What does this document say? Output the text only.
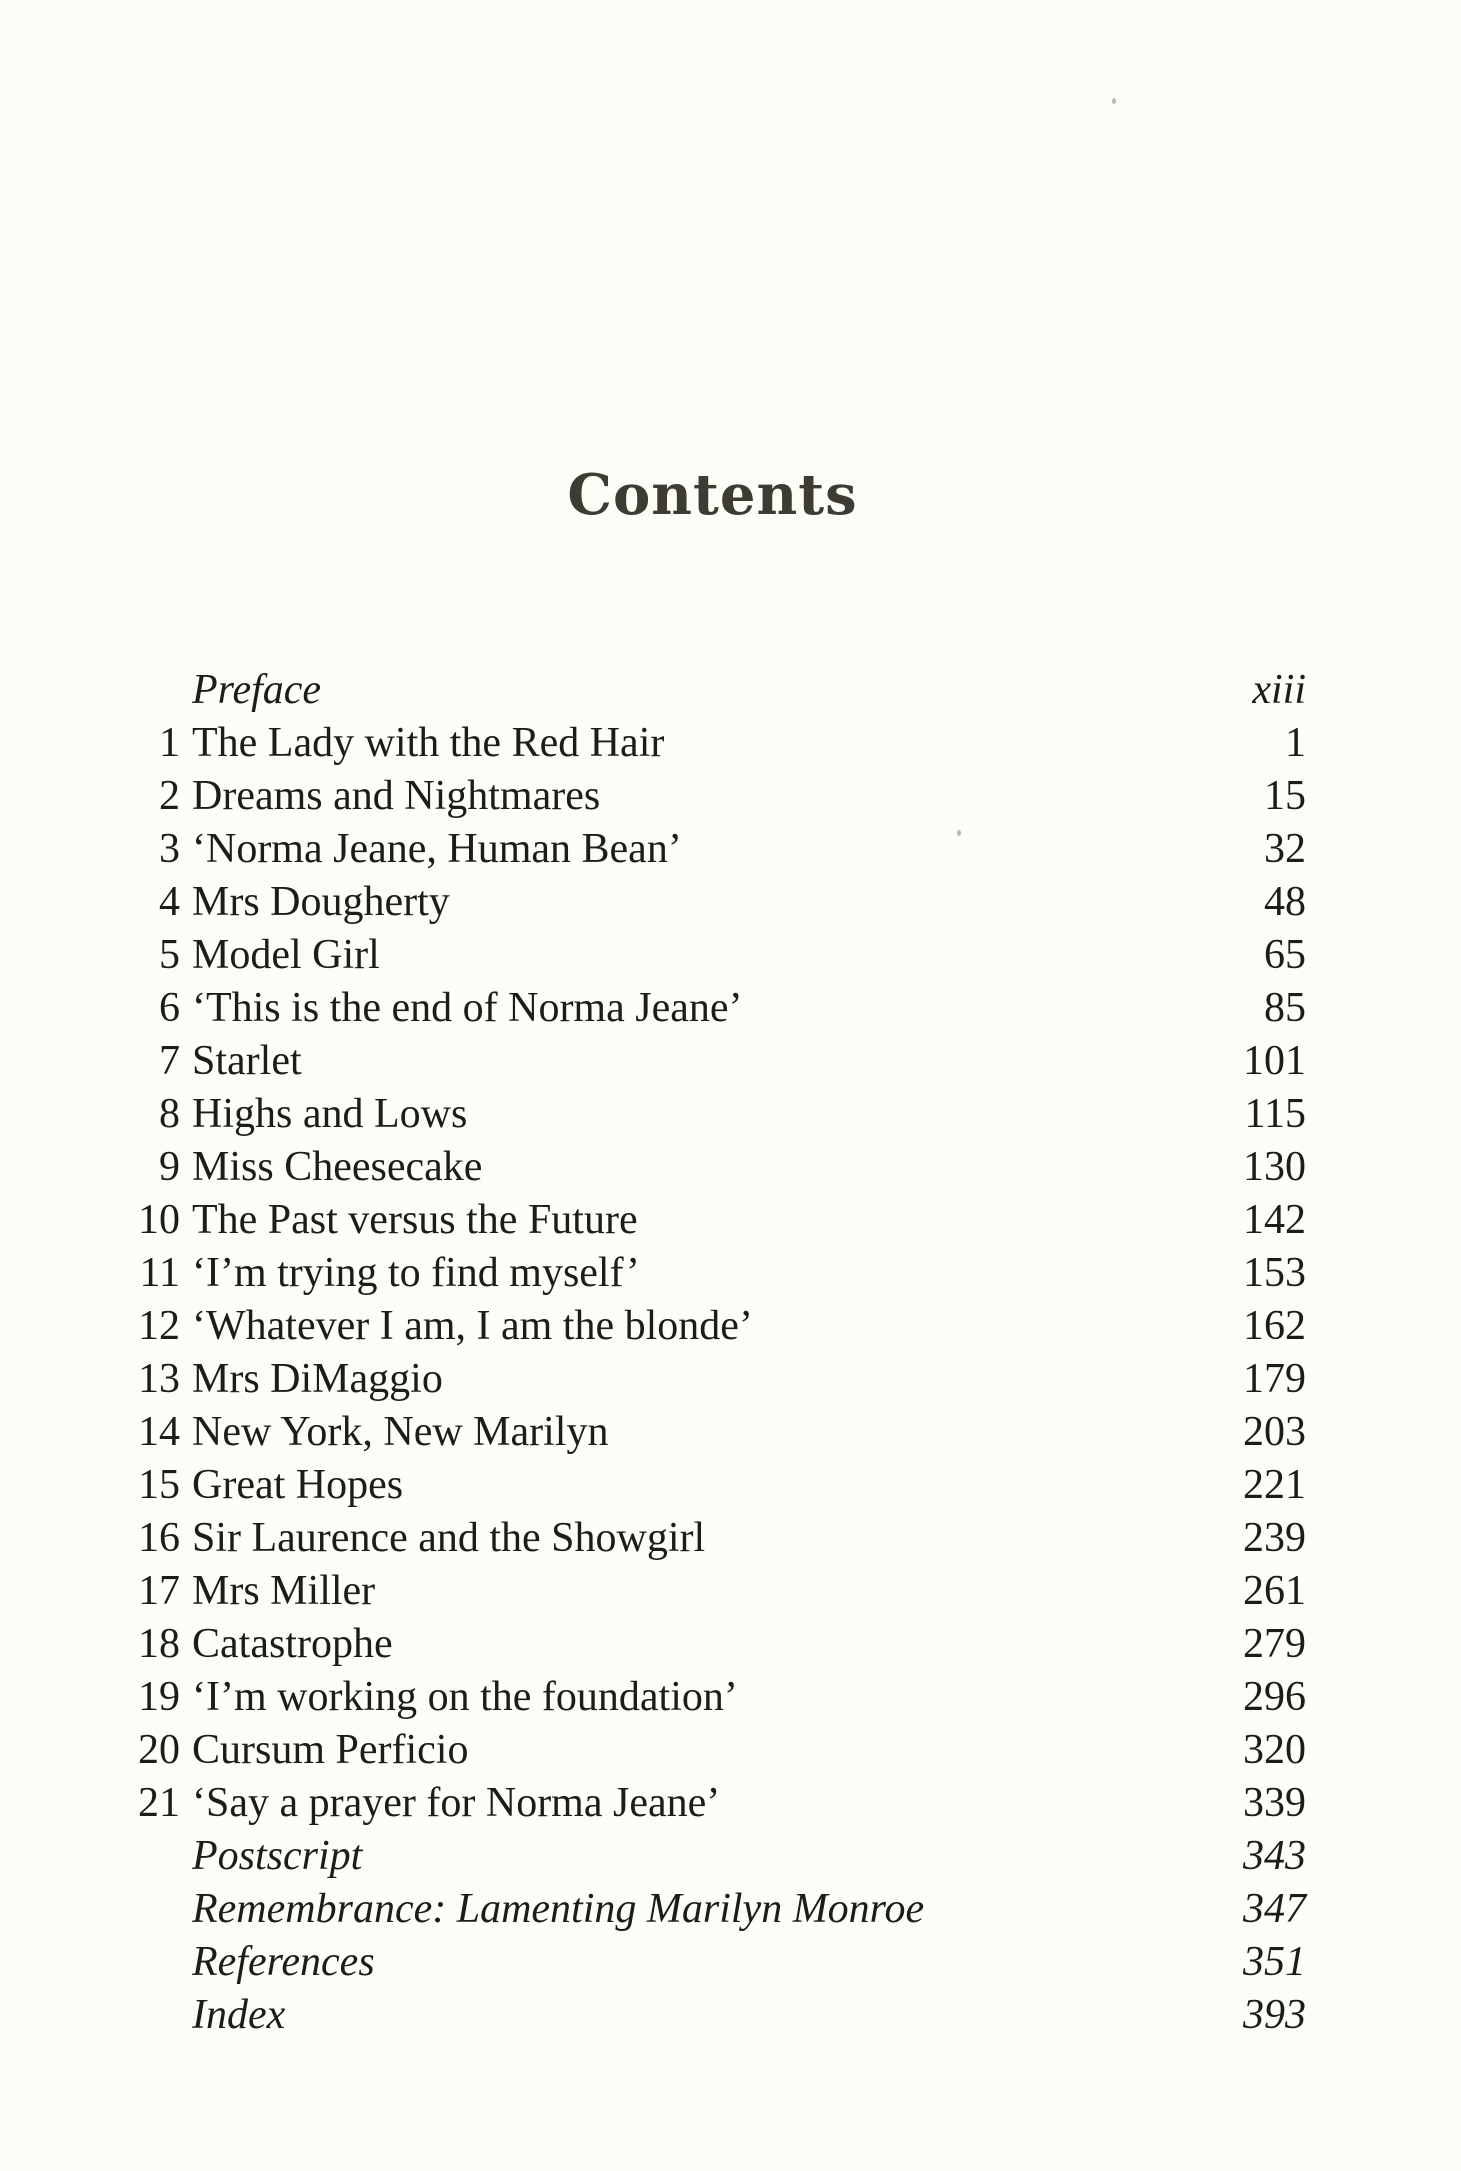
Contents
Preface	xiii
1 The Lady with the Red Hair	1
2 Dreams and Nightmares	15
3 ‘Norma Jeane, Human Bean’	32
4 Mrs Dougherty	48
5 Model Girl	65
6 ‘This is the end of Norma Jeane’	85
7 Starlet	101
8 Highs and Lows	115
9 Miss Cheesecake	130
10 The Past versus the Future	142
11 ‘I’m trying to find myself’	153
12 ‘Whatever I am, I am the blonde’	162
13 Mrs DiMaggio	179
14 New York, New Marilyn	203
15 Great Hopes	221
16 Sir Laurence and the Showgirl	239
17 Mrs Miller	261
18 Catastrophe	279
19 ‘I’m working on the foundation’	296
20 Cursum Perficio	320
21 ‘Say a prayer for Norma Jeane’	339
Postscript	343
Remembrance: Lamenting Marilyn Monroe	347
References	351
Index	393
